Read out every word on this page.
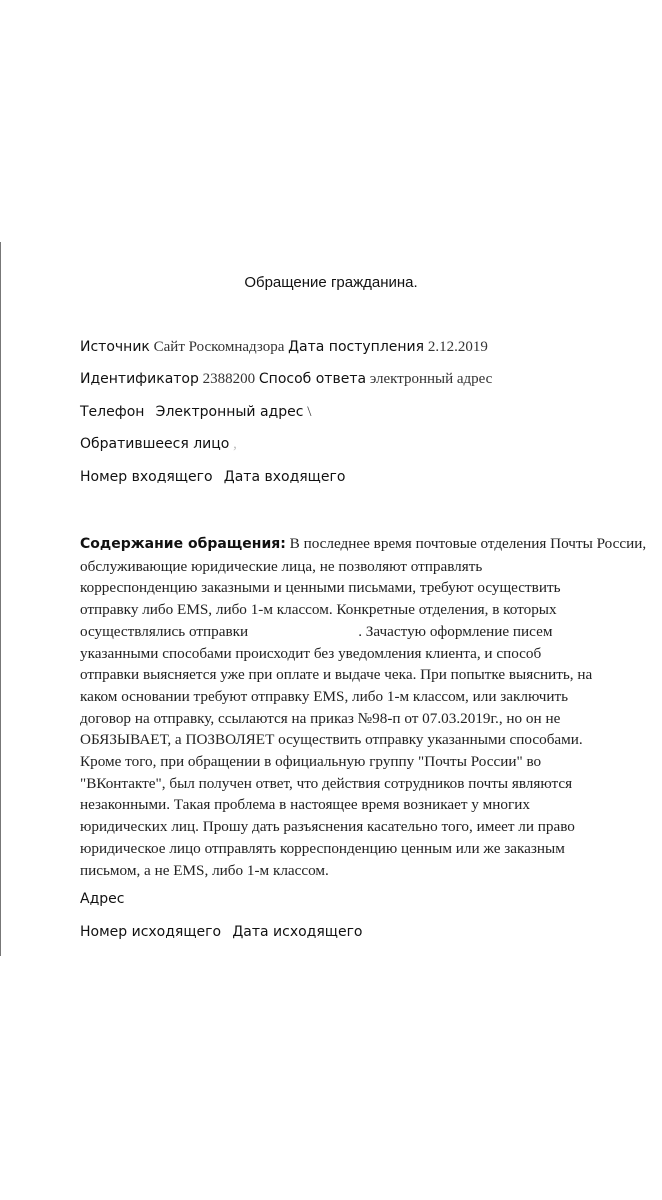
Обращение гражданина.
Источник Сайт Роскомнадзора Дата поступления 2.12.2019
Идентификатор 2388200 Способ ответа электронный адрес
Телефон Электронный адрес \
Обратившееся лицо ,
Номер входящего Дата входящего
Содержание обращения: В последнее время почтовые отделения Почты России,
обслуживающие юридические лица, не позволяют отправлять
корреспонденцию заказными и ценными письмами, требуют осуществить
отправку либо EMS, либо 1-м классом. Конкретные отделения, в которых
осуществлялись отправки	. Зачастую оформление писем
указанными способами происходит без уведомления клиента, и способ
отправки выясняется уже при оплате и выдаче чека. При попытке выяснить, на
каком основании требуют отправку EMS, либо 1-м классом, или заключить
договор на отправку, ссылаются на приказ №98-п от 07.03.2019г., но он не
ОБЯЗЫВАЕТ, а ПОЗВОЛЯЕТ осуществить отправку указанными способами.
Кроме того, при обращении в официальную группу "Почты России" во
"ВКонтакте", был получен ответ, что действия сотрудников почты являются
незаконными. Такая проблема в настоящее время возникает у многих
юридических лиц. Прошу дать разъяснения касательно того, имеет ли право
юридическое лицо отправлять корреспонденцию ценным или же заказным
письмом, а не EMS, либо 1-м классом.
Адрес
Номер исходящего Дата исходящего
